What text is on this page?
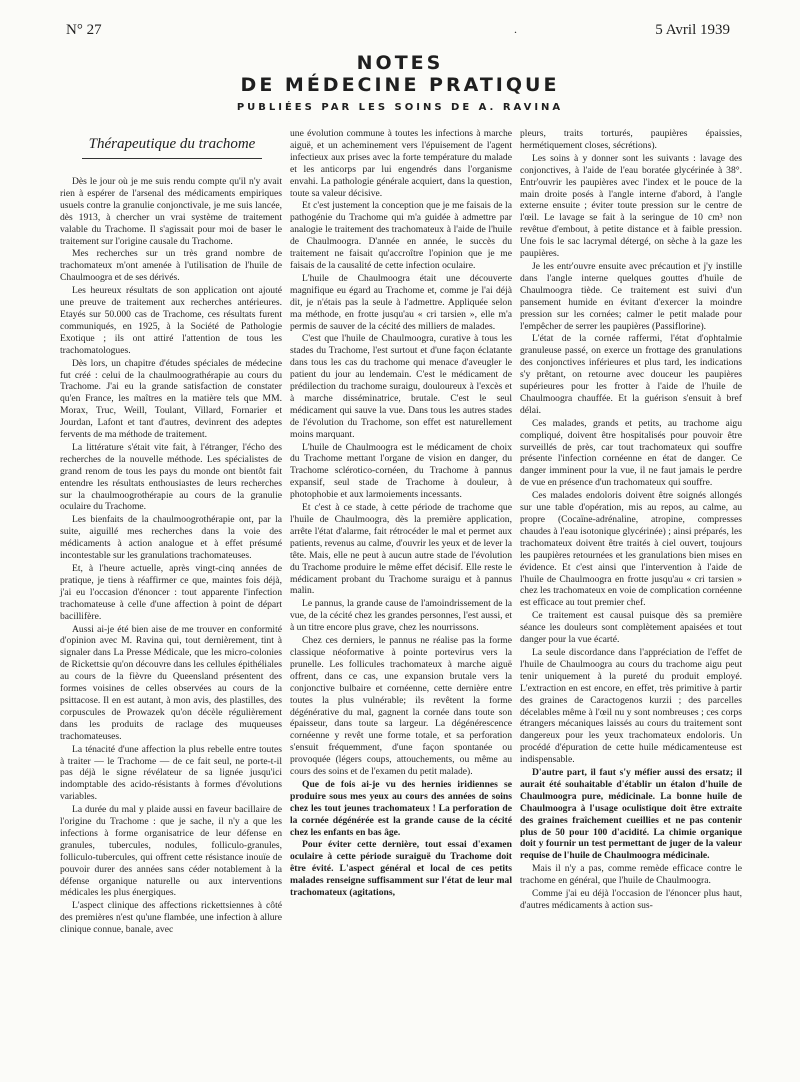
N° 27	.	5 Avril 1939
NOTES
DE MÉDECINE PRATIQUE
PUBLIÉES PAR LES SOINS DE A. RAVINA
Thérapeutique du trachome

Dès le jour où je me suis rendu compte qu'il n'y avait rien à espérer de l'arsenal des médicaments empiriques usuels contre la granulie conjonctivale, je me suis lancée, dès 1913, à chercher un vrai système de traitement valable du Trachome. Il s'agissait pour moi de baser le traitement sur l'origine causale du Trachome.

Mes recherches sur un très grand nombre de trachomateux m'ont amenée à l'utilisation de l'huile de Chaulmoogra et de ses dérivés.

Les heureux résultats de son application ont ajouté une preuve de traitement aux recherches antérieures. Etayés sur 50.000 cas de Trachome, ces résultats furent communiqués, en 1925, à la Société de Pathologie Exotique ; ils ont attiré l'attention de tous les trachomatologues.

Dès lors, un chapitre d'études spéciales de médecine fut créé : celui de la chaulmoograthérapie au cours du Trachome. J'ai eu la grande satisfaction de constater qu'en France, les maîtres en la matière tels que MM. Morax, Truc, Weill, Toulant, Villard, Fornarier et Jourdan, Lafont et tant d'autres, devinrent des adeptes fervents de ma méthode de traitement.

La littérature s'était vite fait, à l'étranger, l'écho des recherches de la nouvelle méthode. Les spécialistes de grand renom de tous les pays du monde ont bientôt fait entendre les résultats enthousiastes de leurs recherches sur la chaulmoogrothérapie au cours de la granulie oculaire du Trachome.

Les bienfaits de la chaulmoogrothérapie ont, par la suite, aiguillé mes recherches dans la voie des médicaments à action analogue et à effet présumé incontestable sur les granulations trachomateuses.

Et, à l'heure actuelle, après vingt-cinq années de pratique, je tiens à réaffirmer ce que, maintes fois déjà, j'ai eu l'occasion d'énoncer : tout apparente l'infection trachomateuse à celle d'une affection à point de départ bacillifère.

Aussi ai-je été bien aise de me trouver en conformité d'opinion avec M. Ravina qui, tout dernièrement, tint à signaler dans La Presse Médicale, que les micro-colonies de Rickettsie qu'on découvre dans les cellules épithéliales au cours de la fièvre du Queensland présentent des formes voisines de celles observées au cours de la psittacose. Il en est autant, à mon avis, des plastilles, des corpuscules de Prowazek qu'on décèle régulièrement dans les produits de raclage des muqueuses trachomateuses.

La ténacité d'une affection la plus rebelle entre toutes à traiter — le Trachome — de ce fait seul, ne porte-t-il pas déjà le signe révélateur de sa lignée jusqu'ici indomptable des acido-résistants à formes d'évolutions variables.

La durée du mal y plaide aussi en faveur bacillaire de l'origine du Trachome : que je sache, il n'y a que les infections à forme organisatrice de leur défense en granules, tubercules, nodules, folliculo-granules, folliculo-tubercules, qui offrent cette résistance inouïe de pouvoir durer des années sans céder notablement à la défense organique naturelle ou aux interventions médicales les plus énergiques.

L'aspect clinique des affections rickettsiennes à côté des premières n'est qu'une flambée, une infection à allure clinique connue, banale, avec

une évolution commune à toutes les infections à marche aiguë, et un acheminement vers l'épuisement de l'agent infectieux aux prises avec la forte température du malade et les anticorps par lui engendrés dans l'organisme envahi. La pathologie générale acquiert, dans la question, toute sa valeur décisive.

Et c'est justement la conception que je me faisais de la pathogénie du Trachome qui m'a guidée à admettre par analogie le traitement des trachomateux à l'aide de l'huile de Chaulmoogra. D'année en année, le succès du traitement ne faisait qu'accroître l'opinion que je me faisais de la causalité de cette infection oculaire.

L'huile de Chaulmoogra était une découverte magnifique eu égard au Trachome et, comme je l'ai déjà dit, je n'étais pas la seule à l'admettre. Appliquée selon ma méthode, en frotte jusqu'au « cri tarsien », elle m'a permis de sauver de la cécité des milliers de malades.

C'est que l'huile de Chaulmoogra, curative à tous les stades du Trachome, l'est surtout et d'une façon éclatante dans tous les cas du trachome qui menace d'aveugler le patient du jour au lendemain. C'est le médicament de prédilection du trachome suraigu, douloureux à l'excès et à marche disséminatrice, brutale. C'est le seul médicament qui sauve la vue. Dans tous les autres stades de l'évolution du Trachome, son effet est naturellement moins marquant.

L'huile de Chaulmoogra est le médicament de choix du Trachome mettant l'organe de vision en danger, du Trachome sclérotico-cornéen, du Trachome à pannus expansif, seul stade de Trachome à douleur, à photophobie et aux larmoiements incessants.

Et c'est à ce stade, à cette période de trachome que l'huile de Chaulmoogra, dès la première application, arrête l'état d'alarme, fait rétrocéder le mal et permet aux patients, revenus au calme, d'ouvrir les yeux et de lever la tête. Mais, elle ne peut à aucun autre stade de l'évolution du Trachome produire le même effet décisif. Elle reste le médicament probant du Trachome suraigu et à pannus malin.

Le pannus, la grande cause de l'amoindrissement de la vue, de la cécité chez les grandes personnes, l'est aussi, et à un titre encore plus grave, chez les nourrissons.

Chez ces derniers, le pannus ne réalise pas la forme classique néoformative à pointe portevirus vers la prunelle. Les follicules trachomateux à marche aiguë offrent, dans ce cas, une expansion brutale vers la conjonctive bulbaire et cornéenne, cette dernière entre toutes la plus vulnérable; ils revêtent la forme dégénérative du mal, gagnent la cornée dans toute son épaisseur, dans toute sa largeur. La dégénérescence cornéenne y revêt une forme totale, et sa perforation s'ensuit fréquemment, d'une façon spontanée ou provoquée (légers coups, attouchements, ou même au cours des soins et de l'examen du petit malade).

Que de fois ai-je vu des hernies iridiennes se produire sous mes yeux au cours des années de soins chez les tout jeunes trachomateux ! La perforation de la cornée dégénérée est la grande cause de la cécité chez les enfants en bas âge.

Pour éviter cette dernière, tout essai d'examen oculaire à cette période suraiguë du Trachome doit être évité. L'aspect général et local de ces petits malades renseigne suffisamment sur l'état de leur mal trachomateux (agitations,

pleurs, traits torturés, paupières épaissies, hermétiquement closes, sécrétions).

Les soins à y donner sont les suivants : lavage des conjonctives, à l'aide de l'eau boratée glycérinée à 38°. Entr'ouvrir les paupières avec l'index et le pouce de la main droite posés à l'angle interne d'abord, à l'angle externe ensuite ; éviter toute pression sur le centre de l'œil. Le lavage se fait à la seringue de 10 cm³ non revêtue d'embout, à petite distance et à faible pression. Une fois le sac lacrymal détergé, on sèche à la gaze les paupières.

Je les entr'ouvre ensuite avec précaution et j'y instille dans l'angle interne quelques gouttes d'huile de Chaulmoogra tiède. Ce traitement est suivi d'un pansement humide en évitant d'exercer la moindre pression sur les cornées; calmer le petit malade pour l'empêcher de serrer les paupières (Passiflorine).

L'état de la cornée raffermi, l'état d'ophtalmie granuleuse passé, on exerce un frottage des granulations des conjonctives inférieures et plus tard, les indications s'y prêtant, on retourne avec douceur les paupières supérieures pour les frotter à l'aide de l'huile de Chaulmoogra chauffée. Et la guérison s'ensuit à bref délai.

Ces malades, grands et petits, au trachome aigu compliqué, doivent être hospitalisés pour pouvoir être surveillés de près, car tout trachomateux qui souffre présente l'infection cornéenne en état de danger. Ce danger imminent pour la vue, il ne faut jamais le perdre de vue en présence d'un trachomateux qui souffre.

Ces malades endoloris doivent être soignés allongés sur une table d'opération, mis au repos, au calme, au propre (Cocaïne-adrénaline, atropine, compresses chaudes à l'eau isotonique glycérinée) ; ainsi préparés, les trachomateux doivent être traités à ciel ouvert, toujours les paupières retournées et les granulations bien mises en évidence. Et c'est ainsi que l'intervention à l'aide de l'huile de Chaulmoogra en frotte jusqu'au « cri tarsien » chez les trachomateux en voie de complication cornéenne est efficace au tout premier chef.

Ce traitement est causal puisque dès sa première séance les douleurs sont complètement apaisées et tout danger pour la vue écarté.

La seule discordance dans l'appréciation de l'effet de l'huile de Chaulmoogra au cours du trachome aigu peut tenir uniquement à la pureté du produit employé. L'extraction en est encore, en effet, très primitive à partir des graines de Caractogenos kurzii ; des parcelles décelables même à l'œil nu y sont nombreuses ; ces corps étrangers mécaniques laissés au cours du traitement sont dangereux pour les yeux trachomateux endoloris. Un procédé d'épuration de cette huile médicamenteuse est indispensable.

D'autre part, il faut s'y méfier aussi des ersatz; il aurait été souhaitable d'établir un étalon d'huile de Chaulmoogra pure, médicinale. La bonne huile de Chaulmoogra à l'usage oculistique doit être extraite des graines fraîchement cueillies et ne pas contenir plus de 50 pour 100 d'acidité. La chimie organique doit y fournir un test permettant de juger de la valeur requise de l'huile de Chaulmoogra médicinale.

Mais il n'y a pas, comme remède efficace contre le trachome en général, que l'huile de Chaulmoogra.

Comme j'ai eu déjà l'occasion de l'énoncer plus haut, d'autres médicaments à action sus-
